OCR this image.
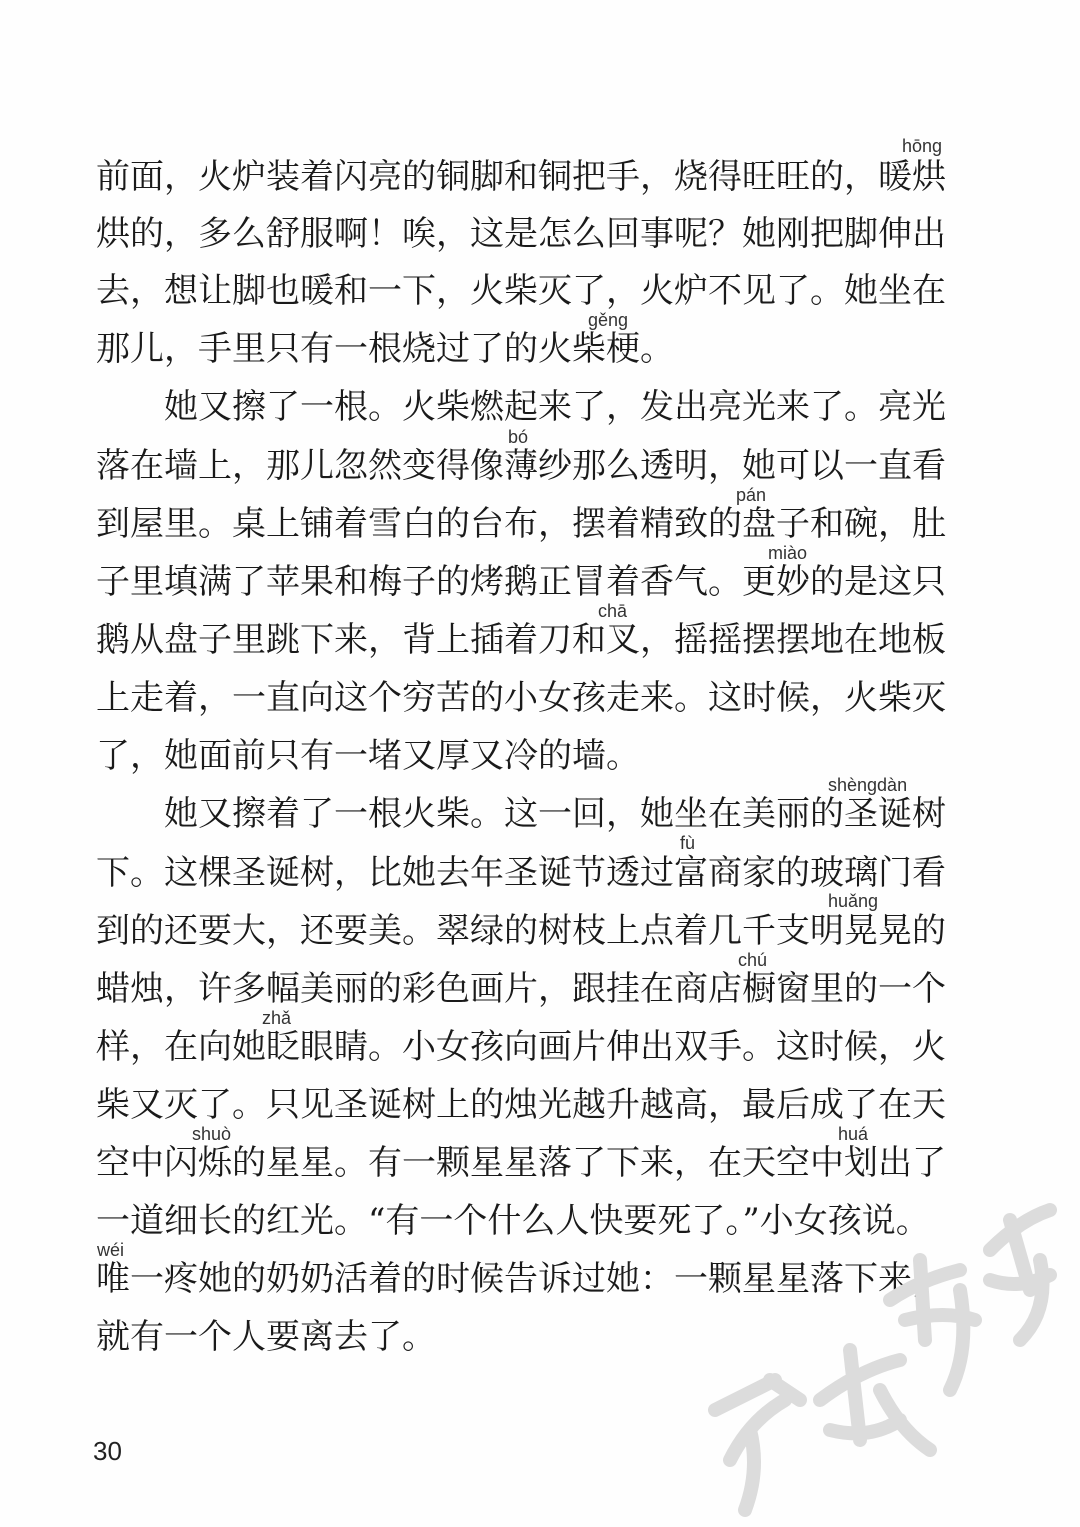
前面，火炉装着闪亮的铜脚和铜把手，烧得旺旺的，暖烘
烘的，多么舒服啊！唉，这是怎么回事呢？她刚把脚伸出
去，想让脚也暖和一下，火柴灭了，火炉不见了。她坐在
那儿，手里只有一根烧过了的火柴梗。
她又擦了一根。火柴燃起来了，发出亮光来了。亮光
落在墙上，那儿忽然变得像薄纱那么透明，她可以一直看
到屋里。桌上铺着雪白的台布，摆着精致的盘子和碗，肚
子里填满了苹果和梅子的烤鹅正冒着香气。更妙的是这只
鹅从盘子里跳下来，背上插着刀和叉，摇摇摆摆地在地板
上走着，一直向这个穷苦的小女孩走来。这时候，火柴灭
了，她面前只有一堵又厚又冷的墙。
她又擦着了一根火柴。这一回，她坐在美丽的圣诞树
下。这棵圣诞树，比她去年圣诞节透过富商家的玻璃门看
到的还要大，还要美。翠绿的树枝上点着几千支明晃晃的
蜡烛，许多幅美丽的彩色画片，跟挂在商店橱窗里的一个
样，在向她眨眼睛。小女孩向画片伸出双手。这时候，火
柴又灭了。只见圣诞树上的烛光越升越高，最后成了在天
空中闪烁的星星。有一颗星星落了下来，在天空中划出了
一道细长的红光。“有一个什么人快要死了。”小女孩说。
唯一疼她的奶奶活着的时候告诉过她：一颗星星落下来，
就有一个人要离去了。
hōng
gěng
bó
pán
miào
chā
shèngdàn
fù
huǎng
chú
zhǎ
shuò	huá
wéi
30
